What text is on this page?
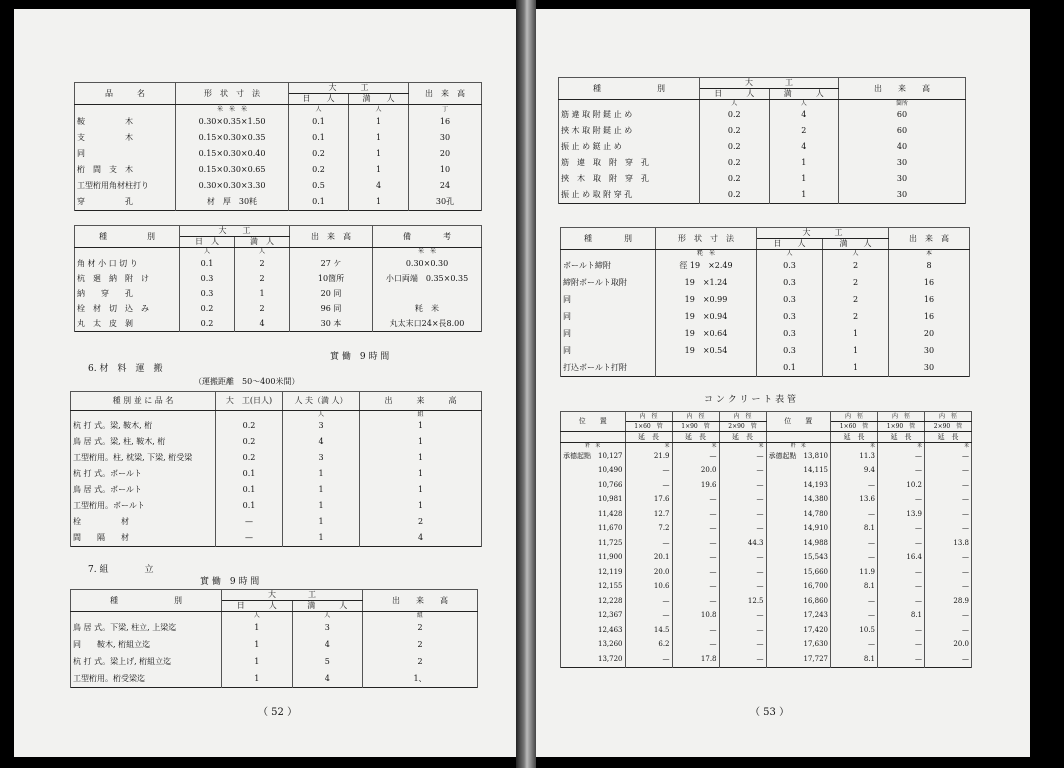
品　　　名	形　状　寸　法	大　　　工		出　来　高
		日　　人	満　　人	
	米　米　米	人	人	丁
鞍　　　　　木	0.30×0.35×1.50	0.1	1	16
支　　　　　木	0.15×0.30×0.35	0.1	1	30
同	0.15×0.30×0.40	0.2	1	20
桁　間　支　木	0.15×0.30×0.65	0.2	1	10
工型桁用角材柱打り	0.30×0.30×3.30	0.5	4	24
穿　　　　　孔	材　厚　30粍	0.1	1	30孔
種　　　　　別	大　　工		出　来　高	備　　　　考
	日　人	満　人		
	人	人		米　米
角 材 小 口 切 り	0.1	2	27 ケ	0.30×0.30
杭　廻　納　附　け	0.3	2	10箇所	小口両端　0.35×0.35
納　　穿　　孔	0.3	1	20 同	
栓　材　切　込　み	0.2	2	96 同	粍　米
丸　太　皮　剝	0.2	4	30 本	丸太末口24×長8.00
實 働　9 時 間
6. 材　料　運　搬
（運搬距離　50～400米間）
種 別 並 に 品 名	大　工(日人)	人 夫（満 人）	出　　　来　　　高
		人	組
杭 打 式。梁, 鞍木, 桁	0.2	3	1
鳥 居 式。梁, 柱, 鞍木, 桁	0.2	4	1
工型桁用。柱, 枕梁, 下梁, 桁受梁	0.2	3	1
杭 打 式。ボールト	0.1	1	1
鳥 居 式。ボールト	0.1	1	1
工型桁用。ボールト	0.1	1	1
栓　　　　　材	—	1	2
間　　隔　　材	—	1	4
7. 組　　　　立
實 働　9 時 間
種　　　　　　　別	大　　　　工		出　　来　　高
	日　　　人	満　　　人	
	人	人	組
鳥 居 式。下梁, 柱立, 上梁迄	1	3	2
同　　鞍木, 桁組立迄	1	4	2
杭 打 式。梁上げ, 桁組立迄	1	5	2
工型桁用。桁受梁迄	1	4	1、
（ 52 ）
種　　　　　　　別	大　　　　工		出　　来　　高
	日　　　人	満　　　人	
	人	人	箇所
筋 違 取 附 鎹 止 め	0.2	4	60
挾 木 取 附 鎹 止 め	0.2	2	60
振 止 め 鎹 止 め	0.2	4	40
筋　違　取　附　穿　孔	0.2	1	30
挾　木　取　附　穿　孔	0.2	1	30
振 止 め 取 附 穿 孔	0.2	1	30
種　　　　別	形　状　寸　法	大　　　工		出　来　高
		日　　人	満　　人	
	粍　米	人	人	本
ボールト締附	徑 19　×2.49	0.3	2	8
締附ボールト取附	19　×1.24	0.3	2	16
同	19　×0.99	0.3	2	16
同	19　×0.94	0.3	2	16
同	19　×0.64	0.3	1	20
同	19　×0.54	0.3	1	30
打込ボールト打附		0.1	1	30
コ ン ク リ ー ト 表 管
位　　置	内　徑	内　徑	内　徑	位　　置	内　徑	内　徑	内　徑
	1×60　管	1×90　管	2×90　管		1×60　管	1×90　管	2×90　管
	延　長	延　長	延　長		延　長	延　長	延　長
粁　米	米	米	米	粁　米	米	米	米
承德起點　10,127	21.9	—	—	承德起點　13,810	11.3	—	—
10,490	—	20.0	—	14,115	9.4	—	—
10,766	—	19.6	—	14,193	—	10.2	—
10,981	17.6	—	—	14,380	13.6	—	—
11,428	12.7	—	—	14,780	—	13.9	—
11,670	7.2	—	—	14,910	8.1	—	—
11,725	—	—	44.3	14,988	—	—	13.8
11,900	20.1	—	—	15,543	—	16.4	—
12,119	20.0	—	—	15,660	11.9	—	—
12,155	10.6	—	—	16,700	8.1	—	—
12,228	—	—	12.5	16,860	—	—	28.9
12,367	—	10.8	—	17,243	—	8.1	—
12,463	14.5	—	—	17,420	10.5	—	—
13,260	6.2	—	—	17,630	—	—	20.0
13,720	—	17.8	—	17,727	8.1	—	—
（ 53 ）
